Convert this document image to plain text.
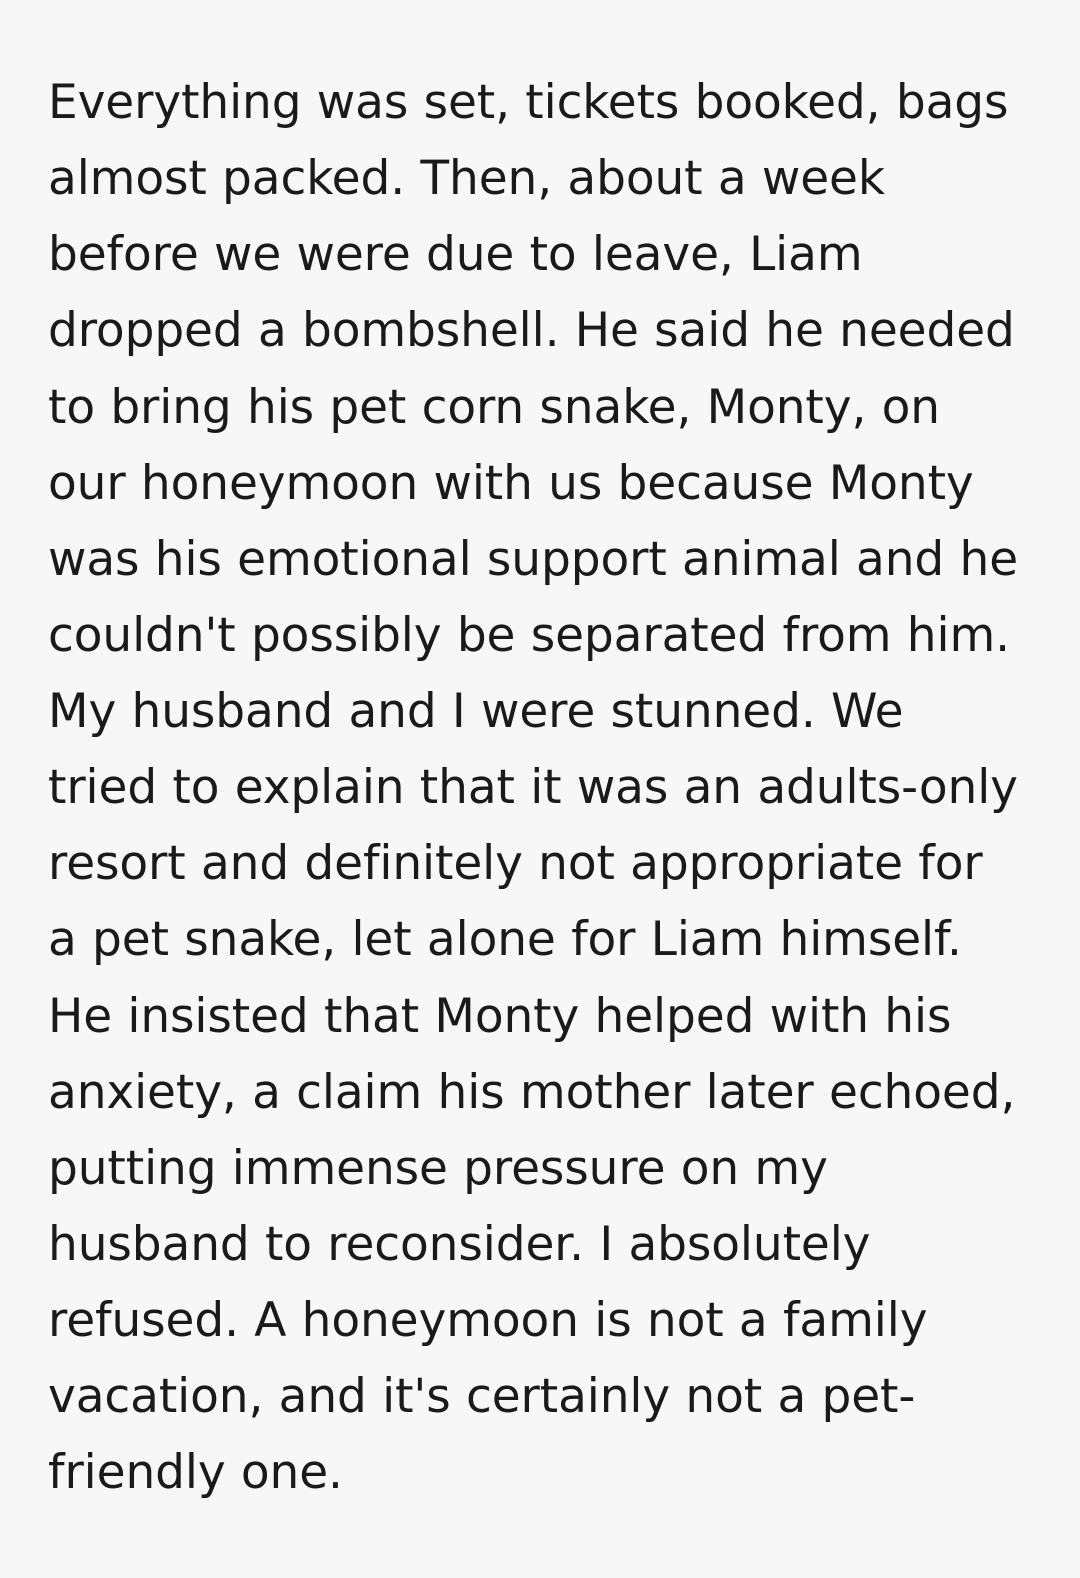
Everything was set, tickets booked, bags almost packed. Then, about a week before we were due to leave, Liam dropped a bombshell. He said he needed to bring his pet corn snake, Monty, on our honeymoon with us because Monty was his emotional support animal and he couldn't possibly be separated from him. My husband and I were stunned. We tried to explain that it was an adults-only resort and definitely not appropriate for a pet snake, let alone for Liam himself. He insisted that Monty helped with his anxiety, a claim his mother later echoed, putting immense pressure on my husband to reconsider. I absolutely refused. A honeymoon is not a family vacation, and it's certainly not a pet-friendly one.
